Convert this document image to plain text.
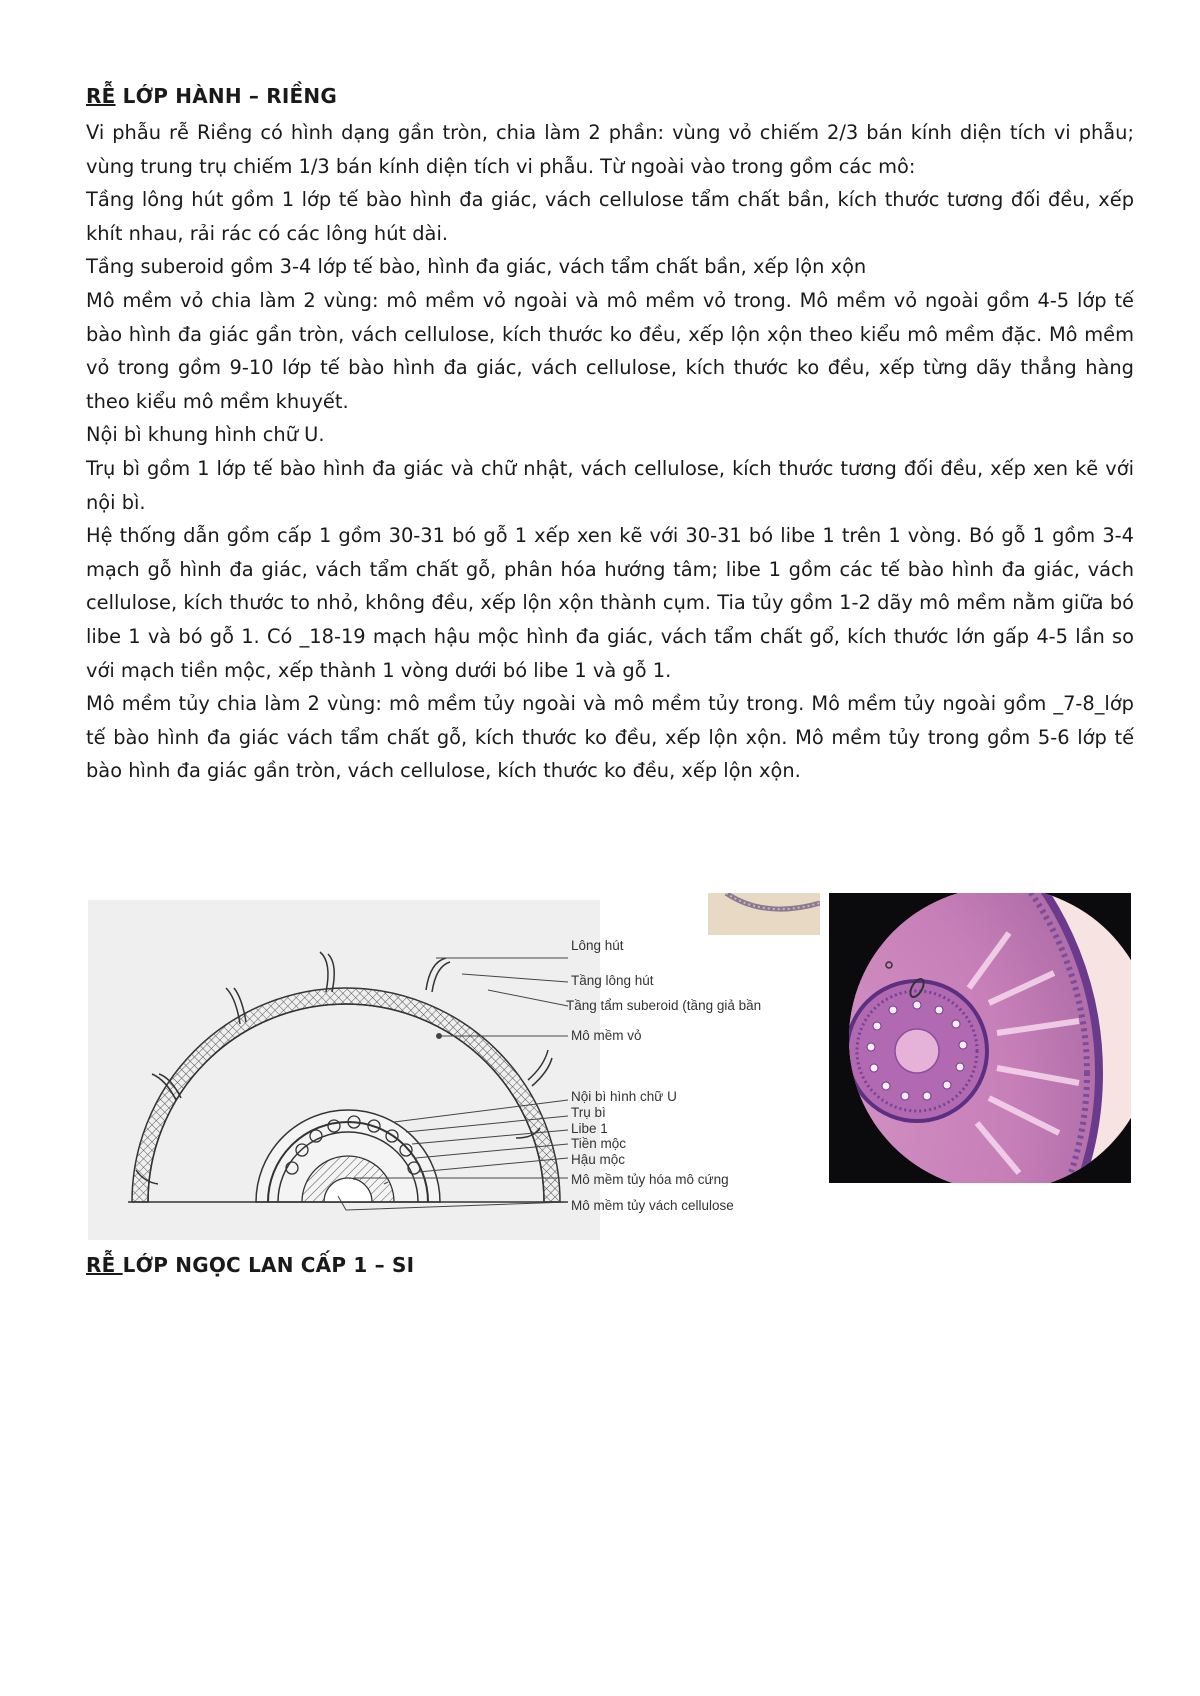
RỄ LỚP HÀNH – RIỀNG

Vi phẫu rễ Riềng có hình dạng gần tròn, chia làm 2 phần: vùng vỏ chiếm 2/3 bán kính diện tích vi phẫu; vùng trung trụ chiếm 1/3 bán kính diện tích vi phẫu. Từ ngoài vào trong gồm các mô:

Tầng lông hút gồm 1 lớp tế bào hình đa giác, vách cellulose tẩm chất bần, kích thước tương đối đều, xếp khít nhau, rải rác có các lông hút dài.

Tầng suberoid gồm 3-4 lớp tế bào, hình đa giác, vách tẩm chất bần, xếp lộn xộn

Mô mềm vỏ chia làm 2 vùng: mô mềm vỏ ngoài và mô mềm vỏ trong. Mô mềm vỏ ngoài gồm 4-5 lớp tế bào hình đa giác gần tròn, vách cellulose, kích thước ko đều, xếp lộn xộn theo kiểu mô mềm đặc. Mô mềm vỏ trong gồm 9-10 lớp tế bào hình đa giác, vách cellulose, kích thước ko đều, xếp từng dãy thẳng hàng theo kiểu mô mềm khuyết.

Nội bì khung hình chữ U.

Trụ bì gồm 1 lớp tế bào hình đa giác và chữ nhật, vách cellulose, kích thước tương đối đều, xếp xen kẽ với nội bì.

Hệ thống dẫn gồm cấp 1 gồm 30-31 bó gỗ 1 xếp xen kẽ với 30-31 bó libe 1 trên 1 vòng. Bó gỗ 1 gồm 3-4 mạch gỗ hình đa giác, vách tẩm chất gỗ, phân hóa hướng tâm; libe 1 gồm các tế bào hình đa giác, vách cellulose, kích thước to nhỏ, không đều, xếp lộn xộn thành cụm. Tia tủy gồm 1-2 dãy mô mềm nằm giữa bó libe 1 và bó gỗ 1. Có _18-19 mạch hậu mộc hình đa giác, vách tẩm chất gổ, kích thước lớn gấp 4-5 lần so với mạch tiền mộc, xếp thành 1 vòng dưới bó libe 1 và gỗ 1.

Mô mềm tủy chia làm 2 vùng: mô mềm tủy ngoài và mô mềm tủy trong. Mô mềm tủy ngoài gồm _7-8_lớp tế bào hình đa giác vách tẩm chất gỗ, kích thước ko đều, xếp lộn xộn. Mô mềm tủy trong gồm 5-6 lớp tế bào hình đa giác gần tròn, vách cellulose, kích thước ko đều, xếp lộn xộn.

Lông hút
Tầng lông hút
Tầng tẩm suberoid (tầng giả bần
Mô mềm vỏ
Nội bì hình chữ U
Trụ bì
Libe 1
Tiền mộc
Hậu mộc
Mô mềm tủy hóa mô cứng
Mô mềm tủy vách cellulose
RỄ LỚP NGỌC LAN CẤP 1 – SI
